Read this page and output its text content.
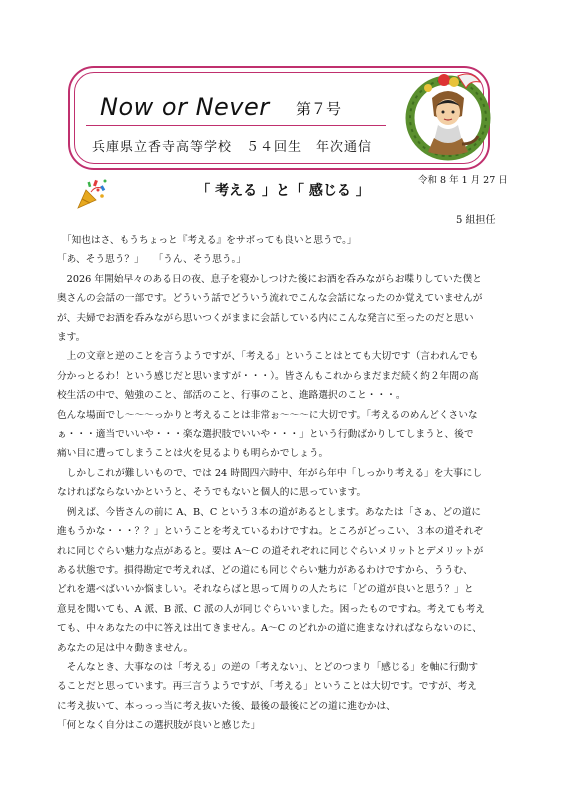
Now or Never 第７号
兵庫県立香寺高等学校　５４回生　年次通信
令和 8 年 1 月 27 日
「 考える 」と「 感じる 」
5 組担任

　「知也はさ、もうちょっと『考える』をサボっても良いと思うで。」

「あ、そう思う？」　　「うん、そう思う。」

　2026 年開始早々のある日の夜、息子を寝かしつけた後にお酒を呑みながらお喋りしていた僕と

奥さんの会話の一部です。どういう話でどういう流れでこんな会話になったのか覚えていませんが

が、夫婦でお酒を呑みながら思いつくがままに会話している内にこんな発言に至ったのだと思い

ます。

　上の文章と逆のことを言うようですが、「考える」ということはとても大切です（言われんでも

分かっとるわ！という感じだと思いますが・・・）。皆さんもこれからまだまだ続く約２年間の高

校生活の中で、勉強のこと、部活のこと、行事のこと、進路選択のこと・・・。

色んな場面でし～～～っかりと考えることは非常ぉ～～～に大切です。「考えるのめんどくさいな

ぁ・・・適当でいいや・・・楽な選択肢でいいや・・・」という行動ばかりしてしまうと、後で

痛い目に遭ってしまうことは火を見るよりも明らかでしょう。

　しかしこれが難しいもので、では 24 時間四六時中、年がら年中「しっかり考える」を大事にし

なければならないかというと、そうでもないと個人的に思っています。

　例えば、今皆さんの前に A、B、C という３本の道があるとします。あなたは「さぁ、どの道に

進もうかな・・・？？」ということを考えているわけですね。ところがどっこい、３本の道それぞ

れに同じぐらい魅力な点があると。要は A～C の道それぞれに同じぐらいメリットとデメリットが

ある状態です。損得勘定で考えれば、どの道にも同じぐらい魅力があるわけですから、ううむ、

どれを選べばいいか悩ましい。それならばと思って周りの人たちに「どの道が良いと思う？」と

意見を聞いても、A 派、B 派、C 派の人が同じぐらいいました。困ったものですね。考えても考え

ても、中々あなたの中に答えは出てきません。A～C のどれかの道に進まなければならないのに、

あなたの足は中々動きません。

　そんなとき、大事なのは「考える」の逆の「考えない」、とどのつまり「感じる」を軸に行動す

ることだと思っています。再三言うようですが、「考える」ということは大切です。ですが、考え

に考え抜いて、本っっっ当に考え抜いた後、最後の最後にどの道に進むかは、

「何となく自分はこの選択肢が良いと感じた」
